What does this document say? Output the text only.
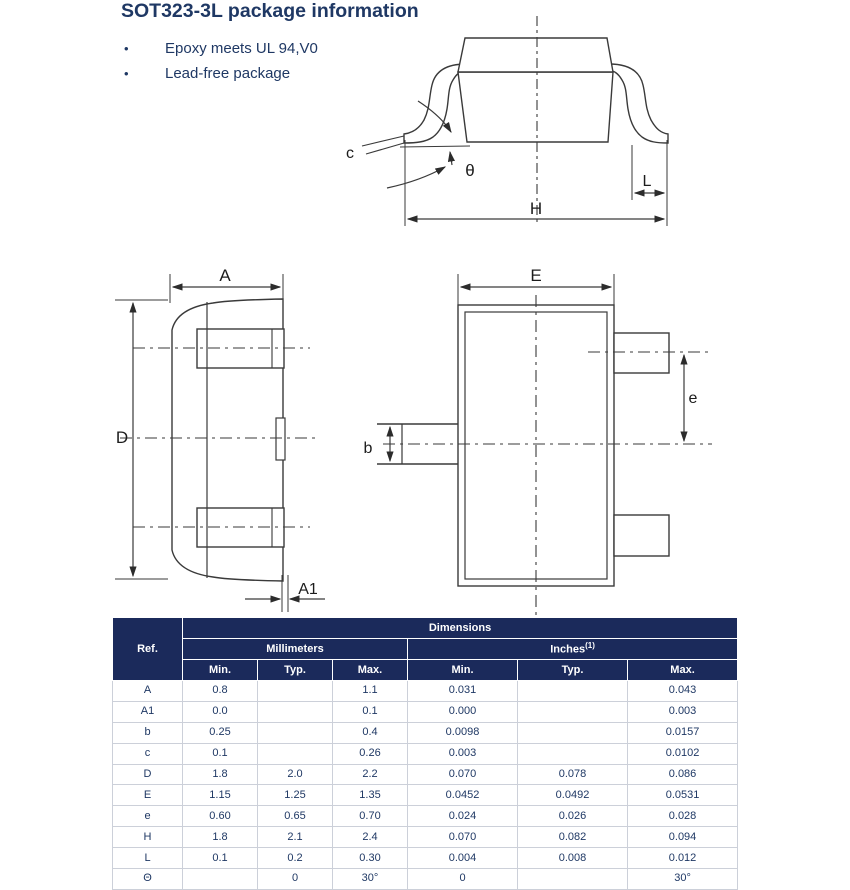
SOT323-3L package information
•	Epoxy meets UL 94,V0
•	Lead-free package
c
θ
H
L
A
D
A1
E
b
e
Ref.	Dimensions					
	Millimeters			Inches$^{(1)}$
	Min.	Typ.	Max.	Min.	Typ.	Max.
A	0.8		1.1	0.031		0.043
A1	0.0		0.1	0.000		0.003
b	0.25		0.4	0.0098		0.0157
c	0.1		0.26	0.003		0.0102
D	1.8	2.0	2.2	0.070	0.078	0.086
E	1.15	1.25	1.35	0.0452	0.0492	0.0531
e	0.60	0.65	0.70	0.024	0.026	0.028
H	1.8	2.1	2.4	0.070	0.082	0.094
L	0.1	0.2	0.30	0.004	0.008	0.012
Θ		0	30°	0		30°
